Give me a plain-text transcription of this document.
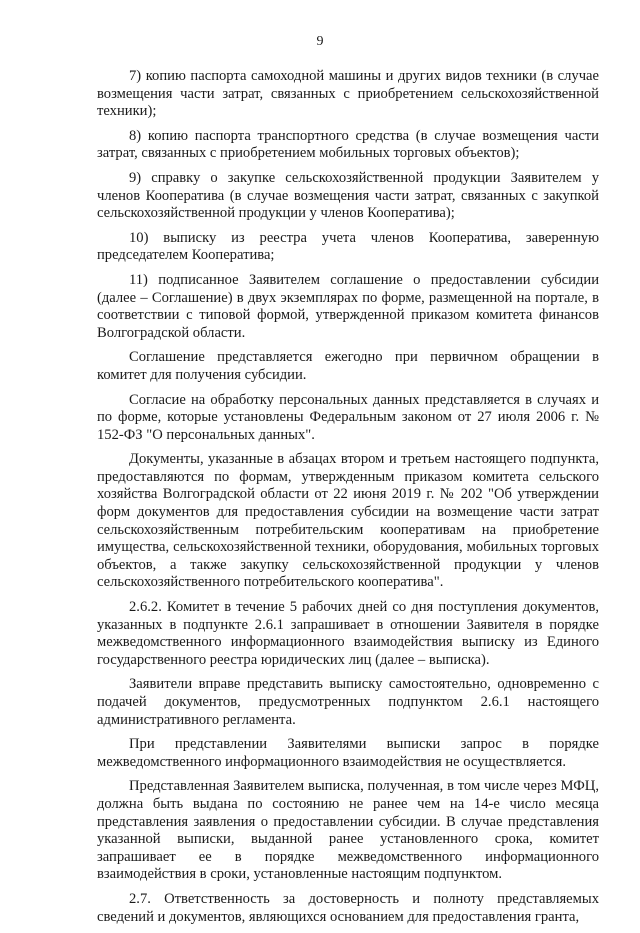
9

7) копию паспорта самоходной машины и других видов техники (в случае возмещения части затрат, связанных с приобретением сельскохозяйственной техники);

8) копию паспорта транспортного средства (в случае возмещения части затрат, связанных с приобретением мобильных торговых объектов);

9) справку о закупке сельскохозяйственной продукции Заявителем у членов Кооператива (в случае возмещения части затрат, связанных с закупкой сельскохозяйственной продукции у членов Кооператива);

10) выписку из реестра учета членов Кооператива, заверенную председателем Кооператива;

11) подписанное Заявителем соглашение о предоставлении субсидии (далее – Соглашение) в двух экземплярах по форме, размещенной на портале, в соответствии с типовой формой, утвержденной приказом комитета финансов Волгоградской области.

Соглашение представляется ежегодно при первичном обращении в комитет для получения субсидии.

Согласие на обработку персональных данных представляется в случаях и по форме, которые установлены Федеральным законом от 27 июля 2006 г. № 152-ФЗ "О персональных данных".

Документы, указанные в абзацах втором и третьем настоящего подпункта, предоставляются по формам, утвержденным приказом комитета сельского хозяйства Волгоградской области от 22 июня 2019 г. № 202 "Об утверждении форм документов для предоставления субсидии на возмещение части затрат сельскохозяйственным потребительским кооперативам на приобретение имущества, сельскохозяйственной техники, оборудования, мобильных торговых объектов, а также закупку сельскохозяйственной продукции у членов сельскохозяйственного потребительского кооператива".

2.6.2. Комитет в течение 5 рабочих дней со дня поступления документов, указанных в подпункте 2.6.1 запрашивает в отношении Заявителя в порядке межведомственного информационного взаимодействия выписку из Единого государственного реестра юридических лиц (далее – выписка).

Заявители вправе представить выписку самостоятельно, одновременно с подачей документов, предусмотренных подпунктом 2.6.1 настоящего административного регламента.

При представлении Заявителями выписки запрос в порядке межведомственного информационного взаимодействия не осуществляется.

Представленная Заявителем выписка, полученная, в том числе через МФЦ, должна быть выдана по состоянию не ранее чем на 14-е число месяца представления заявления о предоставлении субсидии. В случае представления указанной выписки, выданной ранее установленного срока, комитет запрашивает ее в порядке межведомственного информационного взаимодействия в сроки, установленные настоящим подпунктом.

2.7. Ответственность за достоверность и полноту представляемых сведений и документов, являющихся основанием для предоставления гранта,
